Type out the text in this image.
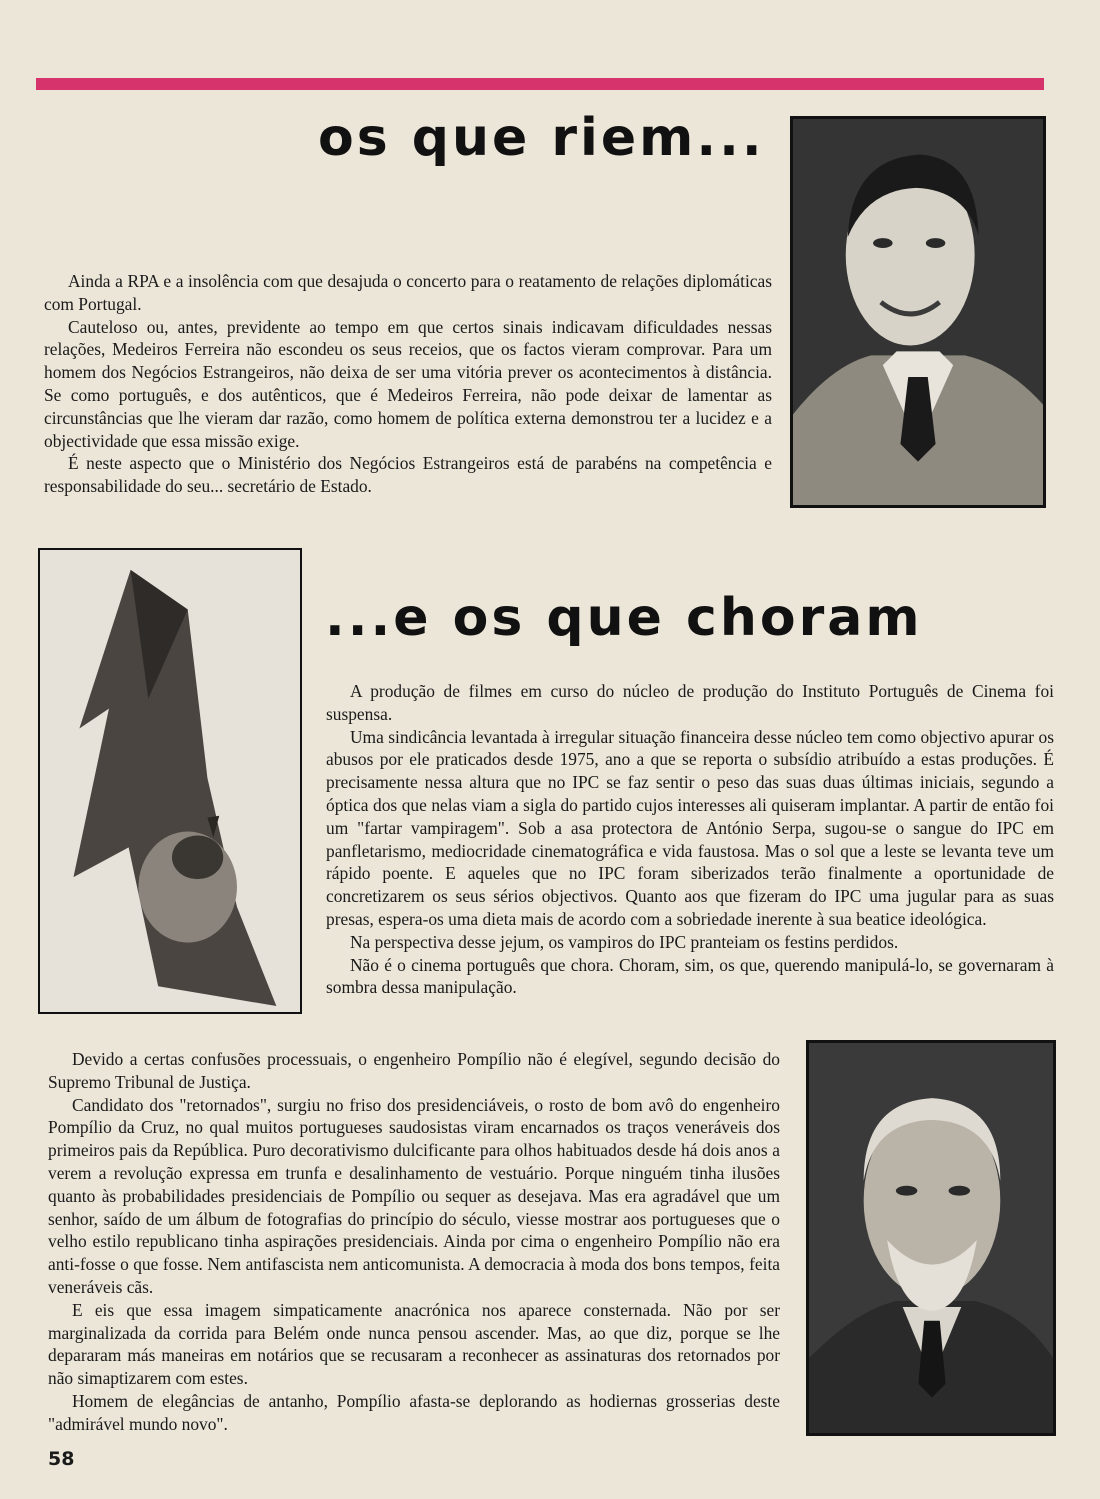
os que riem...

Ainda a RPA e a insolência com que desajuda o concerto para o reatamento de relações diplomáticas com Portugal.

Cauteloso ou, antes, previdente ao tempo em que certos sinais indicavam dificuldades nessas relações, Medeiros Ferreira não escondeu os seus receios, que os factos vieram comprovar. Para um homem dos Negócios Estrangeiros, não deixa de ser uma vitória prever os acontecimentos à distância. Se como português, e dos autênticos, que é Medeiros Ferreira, não pode deixar de lamentar as circunstâncias que lhe vieram dar razão, como homem de política externa demonstrou ter a lucidez e a objectividade que essa missão exige.

É neste aspecto que o Ministério dos Negócios Estrangeiros está de parabéns na competência e responsabilidade do seu... secretário de Estado.

...e os que choram

A produção de filmes em curso do núcleo de produção do Instituto Português de Cinema foi suspensa.

Uma sindicância levantada à irregular situação financeira desse núcleo tem como objectivo apurar os abusos por ele praticados desde 1975, ano a que se reporta o subsídio atribuído a estas produções. É precisamente nessa altura que no IPC se faz sentir o peso das suas duas últimas iniciais, segundo a óptica dos que nelas viam a sigla do partido cujos interesses ali quiseram implantar. A partir de então foi um "fartar vampiragem". Sob a asa protectora de António Serpa, sugou-se o sangue do IPC em panfletarismo, mediocridade cinematográfica e vida faustosa. Mas o sol que a leste se levanta teve um rápido poente. E aqueles que no IPC foram siberizados terão finalmente a oportunidade de concretizarem os seus sérios objectivos. Quanto aos que fizeram do IPC uma jugular para as suas presas, espera-os uma dieta mais de acordo com a sobriedade inerente à sua beatice ideológica.

Na perspectiva desse jejum, os vampiros do IPC pranteiam os festins perdidos.

Não é o cinema português que chora. Choram, sim, os que, querendo manipulá-lo, se governaram à sombra dessa manipulação.

Devido a certas confusões processuais, o engenheiro Pompílio não é elegível, segundo decisão do Supremo Tribunal de Justiça.

Candidato dos "retornados", surgiu no friso dos presidenciáveis, o rosto de bom avô do engenheiro Pompílio da Cruz, no qual muitos portugueses saudosistas viram encarnados os traços veneráveis dos primeiros pais da República. Puro decorativismo dulcificante para olhos habituados desde há dois anos a verem a revolução expressa em trunfa e desalinhamento de vestuário. Porque ninguém tinha ilusões quanto às probabilidades presidenciais de Pompílio ou sequer as desejava. Mas era agradável que um senhor, saído de um álbum de fotografias do princípio do século, viesse mostrar aos portugueses que o velho estilo republicano tinha aspirações presidenciais. Ainda por cima o engenheiro Pompílio não era anti-fosse o que fosse. Nem antifascista nem anticomunista. A democracia à moda dos bons tempos, feita veneráveis cãs.

E eis que essa imagem simpaticamente anacrónica nos aparece consternada. Não por ser marginalizada da corrida para Belém onde nunca pensou ascender. Mas, ao que diz, porque se lhe depararam más maneiras em notários que se recusaram a reconhecer as assinaturas dos retornados por não simaptizarem com estes.

Homem de elegâncias de antanho, Pompílio afasta-se deplorando as hodiernas grosserias deste "admirável mundo novo".

58
